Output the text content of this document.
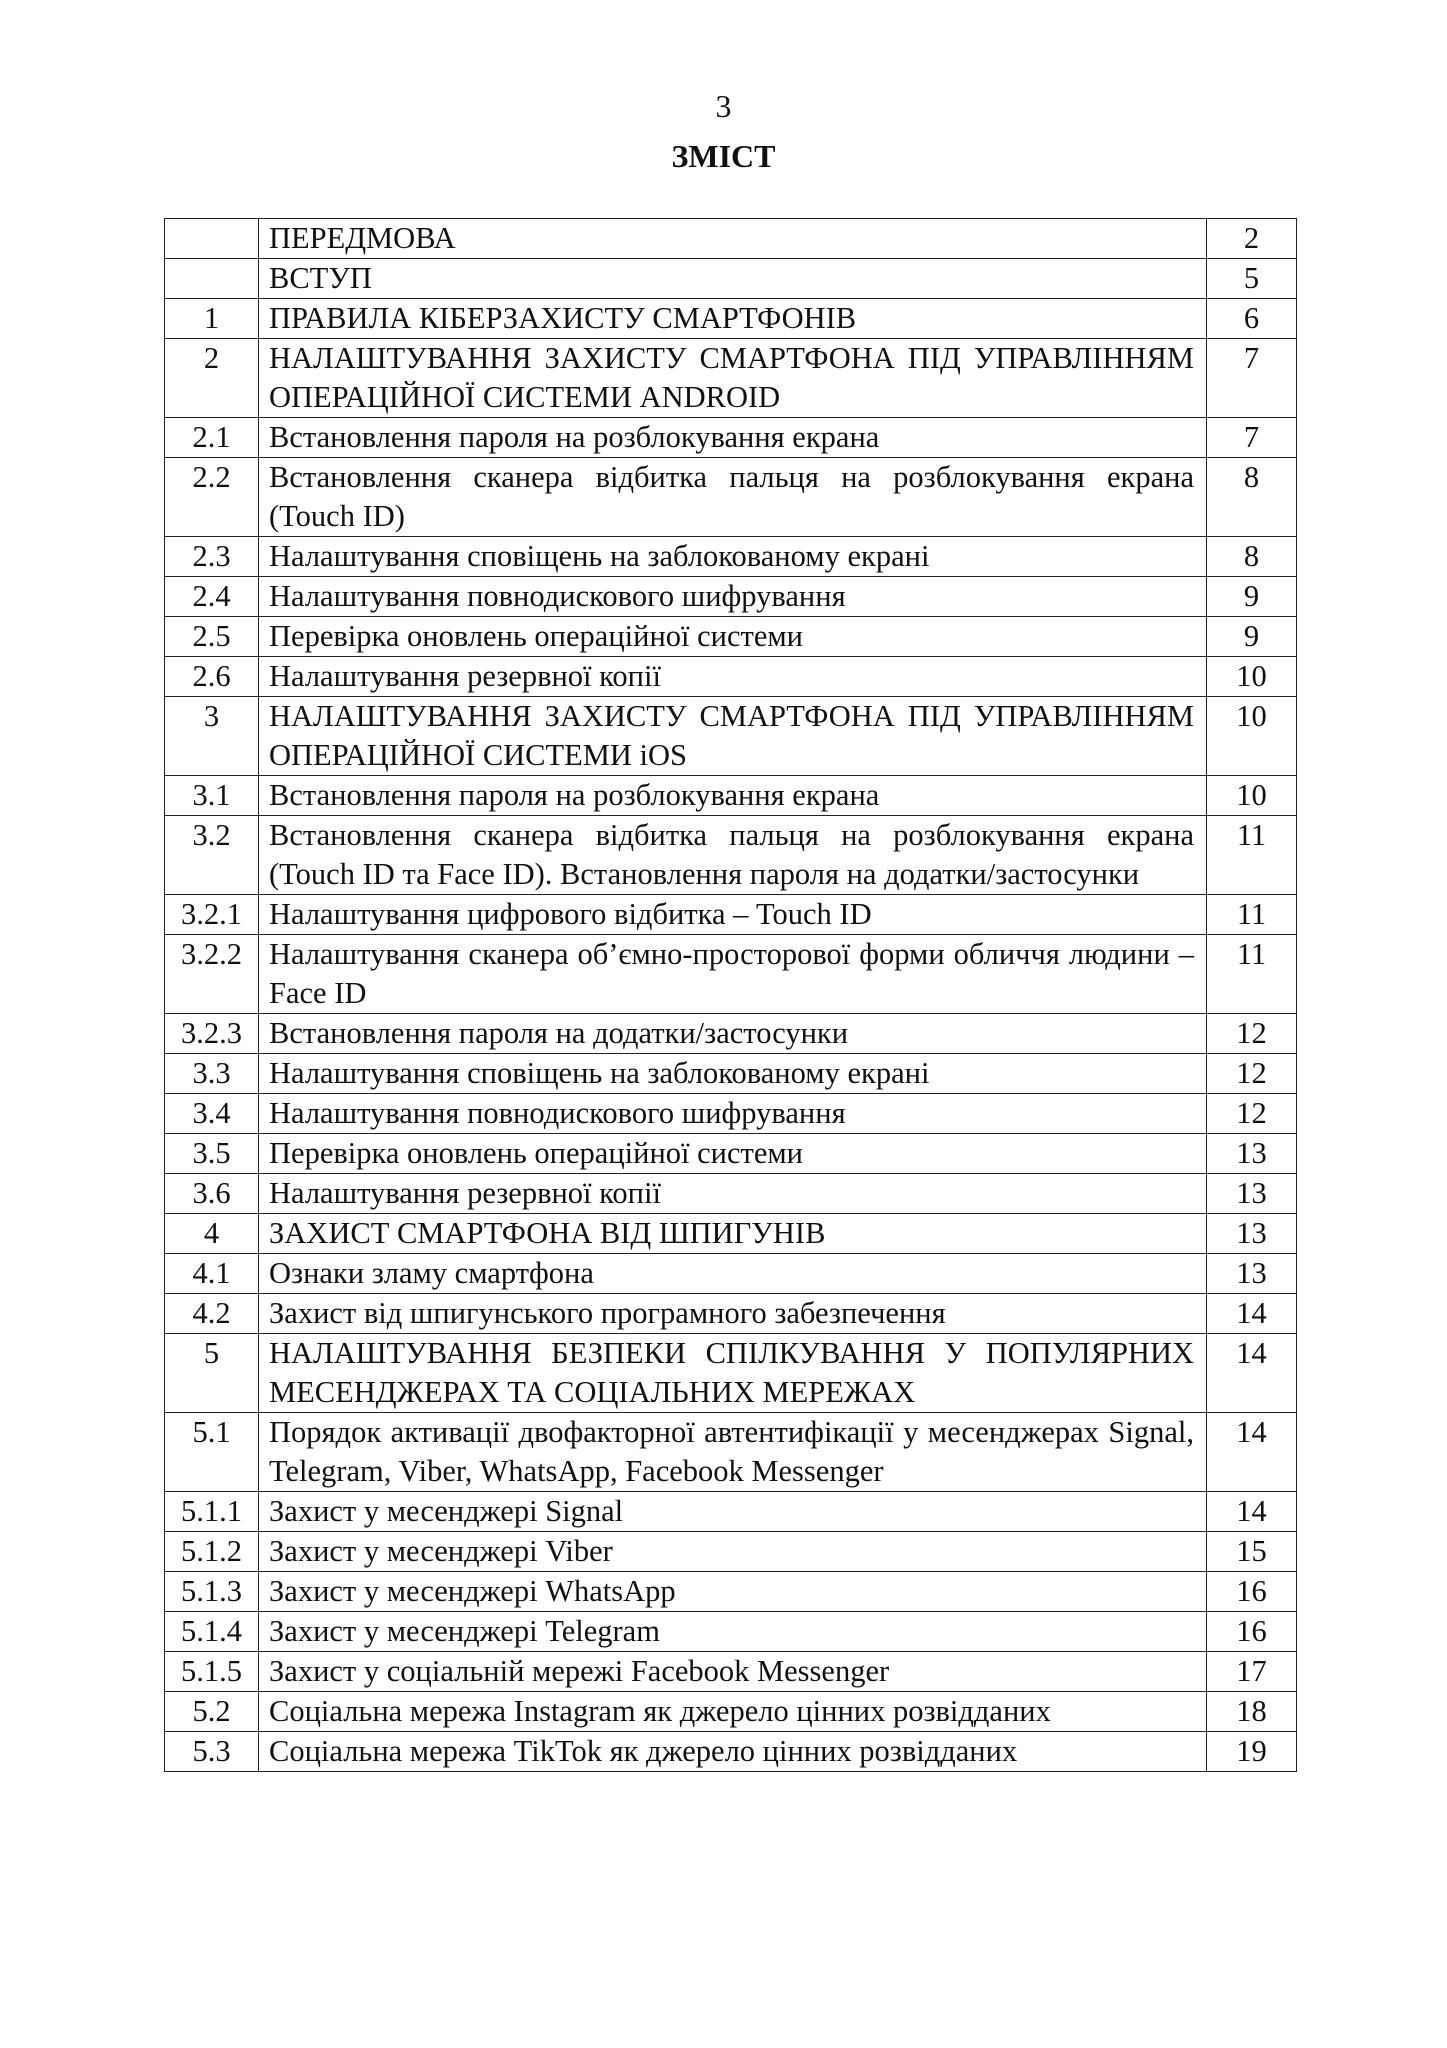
3
ЗМІСТ
	ПЕРЕДМОВА	2
	ВСТУП	5
1	ПРАВИЛА КІБЕРЗАХИСТУ СМАРТФОНІВ	6
2	НАЛАШТУВАННЯ ЗАХИСТУ СМАРТФОНА ПІД УПРАВЛІННЯМ ОПЕРАЦІЙНОЇ СИСТЕМИ ANDROID	7
2.1	Встановлення пароля на розблокування екрана	7
2.2	Встановлення сканера відбитка пальця на розблокування екрана (Touch ID)	8
2.3	Налаштування сповіщень на заблокованому екрані	8
2.4	Налаштування повнодискового шифрування	9
2.5	Перевірка оновлень операційної системи	9
2.6	Налаштування резервної копії	10
3	НАЛАШТУВАННЯ ЗАХИСТУ СМАРТФОНА ПІД УПРАВЛІННЯМ ОПЕРАЦІЙНОЇ СИСТЕМИ iOS	10
3.1	Встановлення пароля на розблокування екрана	10
3.2	Встановлення сканера відбитка пальця на розблокування екрана (Touch ID та Face ID). Встановлення пароля на додатки/застосунки	11
3.2.1	Налаштування цифрового відбитка – Touch ID	11
3.2.2	Налаштування сканера об’ємно-просторової форми обличчя людини – Face ID	11
3.2.3	Встановлення пароля на додатки/застосунки	12
3.3	Налаштування сповіщень на заблокованому екрані	12
3.4	Налаштування повнодискового шифрування	12
3.5	Перевірка оновлень операційної системи	13
3.6	Налаштування резервної копії	13
4	ЗАХИСТ СМАРТФОНА ВІД ШПИГУНІВ	13
4.1	Ознаки зламу смартфона	13
4.2	Захист від шпигунського програмного забезпечення	14
5	НАЛАШТУВАННЯ БЕЗПЕКИ СПІЛКУВАННЯ У ПОПУЛЯРНИХ МЕСЕНДЖЕРАХ ТА СОЦІАЛЬНИХ МЕРЕЖАХ	14
5.1	Порядок активації двофакторної автентифікації у месенджерах Signal, Telegram, Viber, WhatsApp, Facebook Messenger	14
5.1.1	Захист у месенджері Signal	14
5.1.2	Захист у месенджері Viber	15
5.1.3	Захист у месенджері WhatsApp	16
5.1.4	Захист у месенджері Telegram	16
5.1.5	Захист у соціальній мережі Facebook Messenger	17
5.2	Соціальна мережа Instagram як джерело цінних розвідданих	18
5.3	Соціальна мережа TikTok як джерело цінних розвідданих	19
